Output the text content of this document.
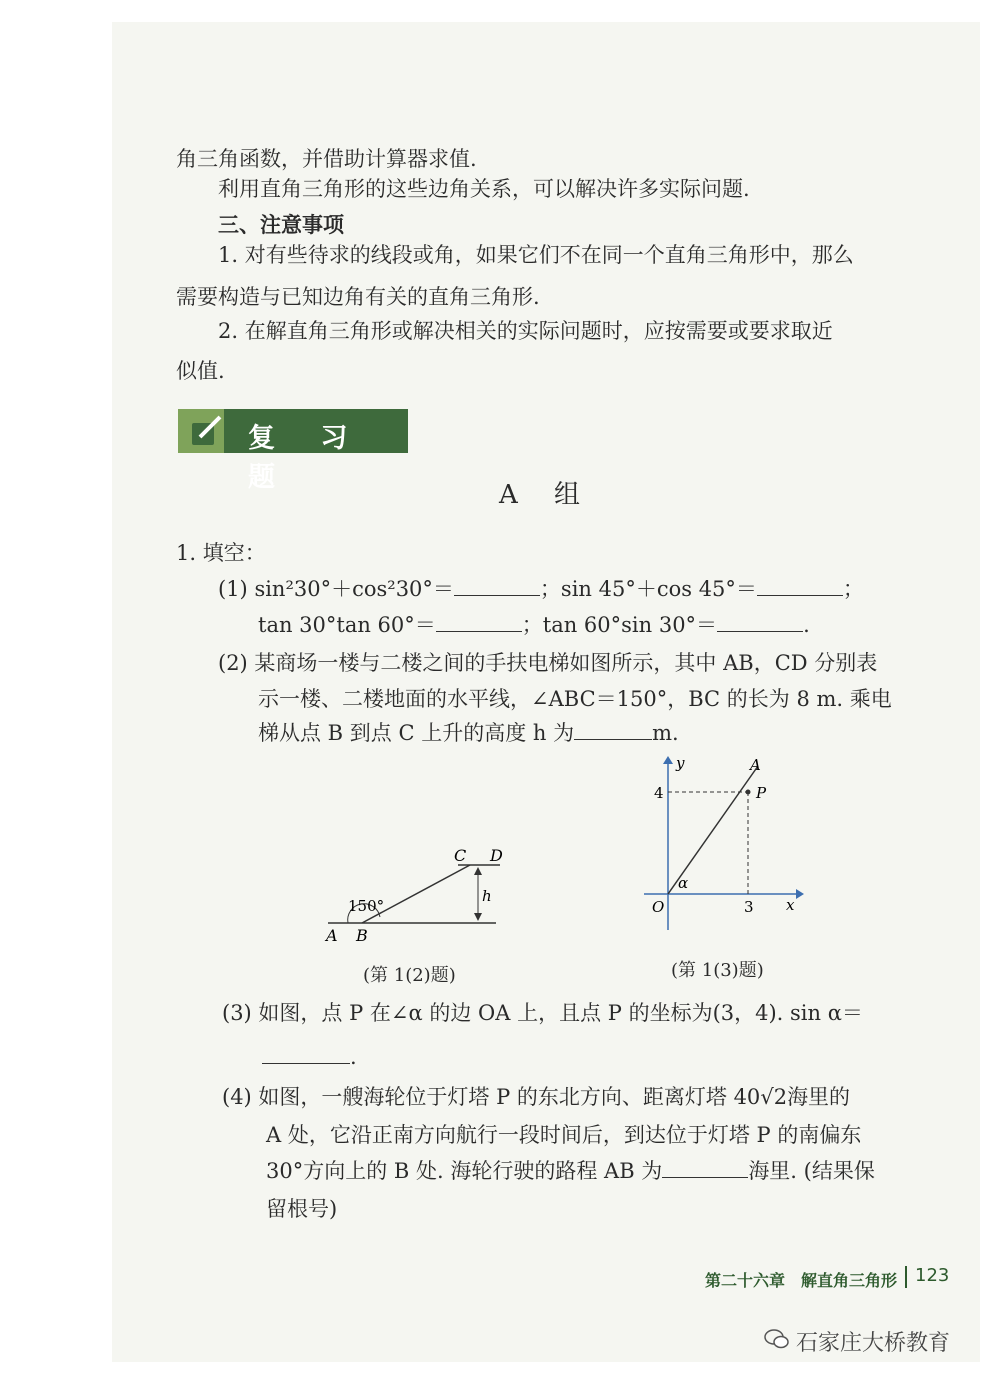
角三角函数，并借助计算器求值.
利用直角三角形的这些边角关系，可以解决许多实际问题.
三、注意事项
1. 对有些待求的线段或角，如果它们不在同一个直角三角形中，那么
需要构造与已知边角有关的直角三角形.
2. 在解直角三角形或解决相关的实际问题时，应按需要或要求取近
似值.
复 习 题
A 组
1. 填空：
(1) sin²30°＋cos²30°＝	；sin 45°＋cos 45°＝	；
tan 30°tan 60°＝	；tan 60°sin 30°＝	.
(2) 某商场一楼与二楼之间的手扶电梯如图所示，其中 AB，CD 分别表
示一楼、二楼地面的水平线，∠ABC＝150°，BC 的长为 8 m. 乘电
梯从点 B 到点 C 上升的高度 h 为	m.
150°
A B
C D
h
(第 1(2)题)
y
x
O
A
P
4
3
α
(第 1(3)题)
(3) 如图，点 P 在∠α 的边 OA 上，且点 P 的坐标为(3，4). sin α＝
.
(4) 如图，一艘海轮位于灯塔 P 的东北方向、距离灯塔 40√2海里的
A 处，它沿正南方向航行一段时间后，到达位于灯塔 P 的南偏东
30°方向上的 B 处. 海轮行驶的路程 AB 为	海里. (结果保
留根号)
第二十六章　解直角三角形 123
石家庄大桥教育
